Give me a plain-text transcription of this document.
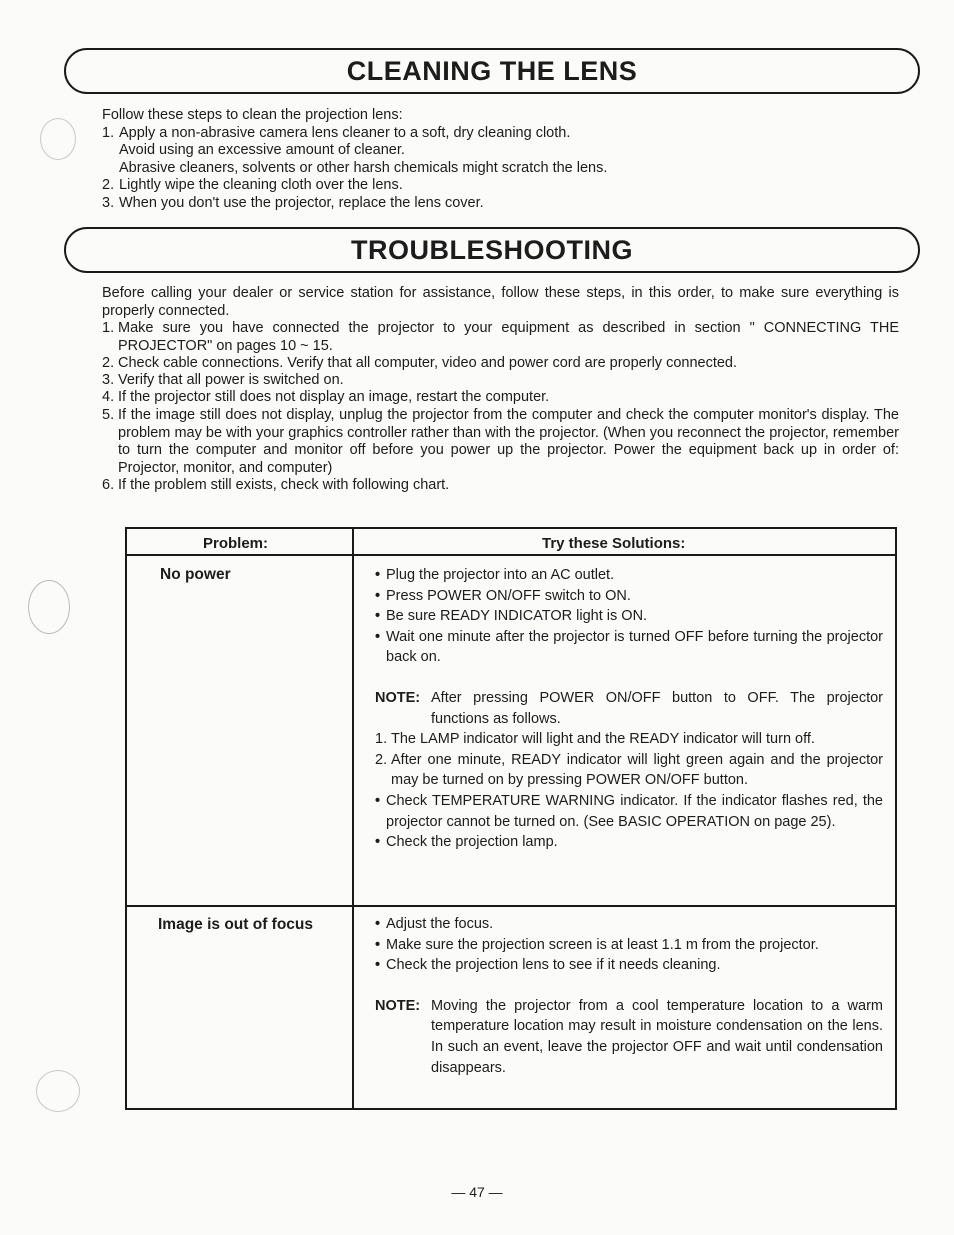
CLEANING THE LENS
Follow these steps to clean the projection lens:
1. Apply a non-abrasive camera lens cleaner to a soft, dry cleaning cloth.
Avoid using an excessive amount of cleaner.
Abrasive cleaners, solvents or other harsh chemicals might scratch the lens.
2. Lightly wipe the cleaning cloth over the lens.
3. When you don't use the projector, replace the lens cover.
TROUBLESHOOTING
Before calling your dealer or service station for assistance, follow these steps, in this order, to make sure everything is properly connected.
1. Make sure you have connected the projector to your equipment as described in section " CONNECTING THE PROJECTOR" on pages 10 ~ 15.
2. Check cable connections. Verify that all computer, video and power cord are properly connected.
3. Verify that all power is switched on.
4. If the projector still does not display an image, restart the computer.
5. If the image still does not display, unplug the projector from the computer and check the computer monitor's display. The problem may be with your graphics controller rather than with the projector. (When you reconnect the projector, remember to turn the computer and monitor off before you power up the projector. Power the equipment back up in order of: Projector, monitor, and computer)
6. If the problem still exists, check with following chart.
Problem:	Try these Solutions:
No power	• Plug the projector into an AC outlet.
• Press POWER ON/OFF switch to ON.
• Be sure READY INDICATOR light is ON.
• Wait one minute after the projector is turned OFF before turning the projector back on.
NOTE: After pressing POWER ON/OFF button to OFF. The projector functions as follows.
1. The LAMP indicator will light and the READY indicator will turn off.
2. After one minute, READY indicator will light green again and the projector may be turned on by pressing POWER ON/OFF button.
• Check TEMPERATURE WARNING indicator. If the indicator flashes red, the projector cannot be turned on. (See BASIC OPERATION on page 25).
• Check the projection lamp.
Image is out of focus	• Adjust the focus.
• Make sure the projection screen is at least 1.1 m from the projector.
• Check the projection lens to see if it needs cleaning.
NOTE: Moving the projector from a cool temperature location to a warm temperature location may result in moisture condensation on the lens. In such an event, leave the projector OFF and wait until condensation disappears.
— 47 —
